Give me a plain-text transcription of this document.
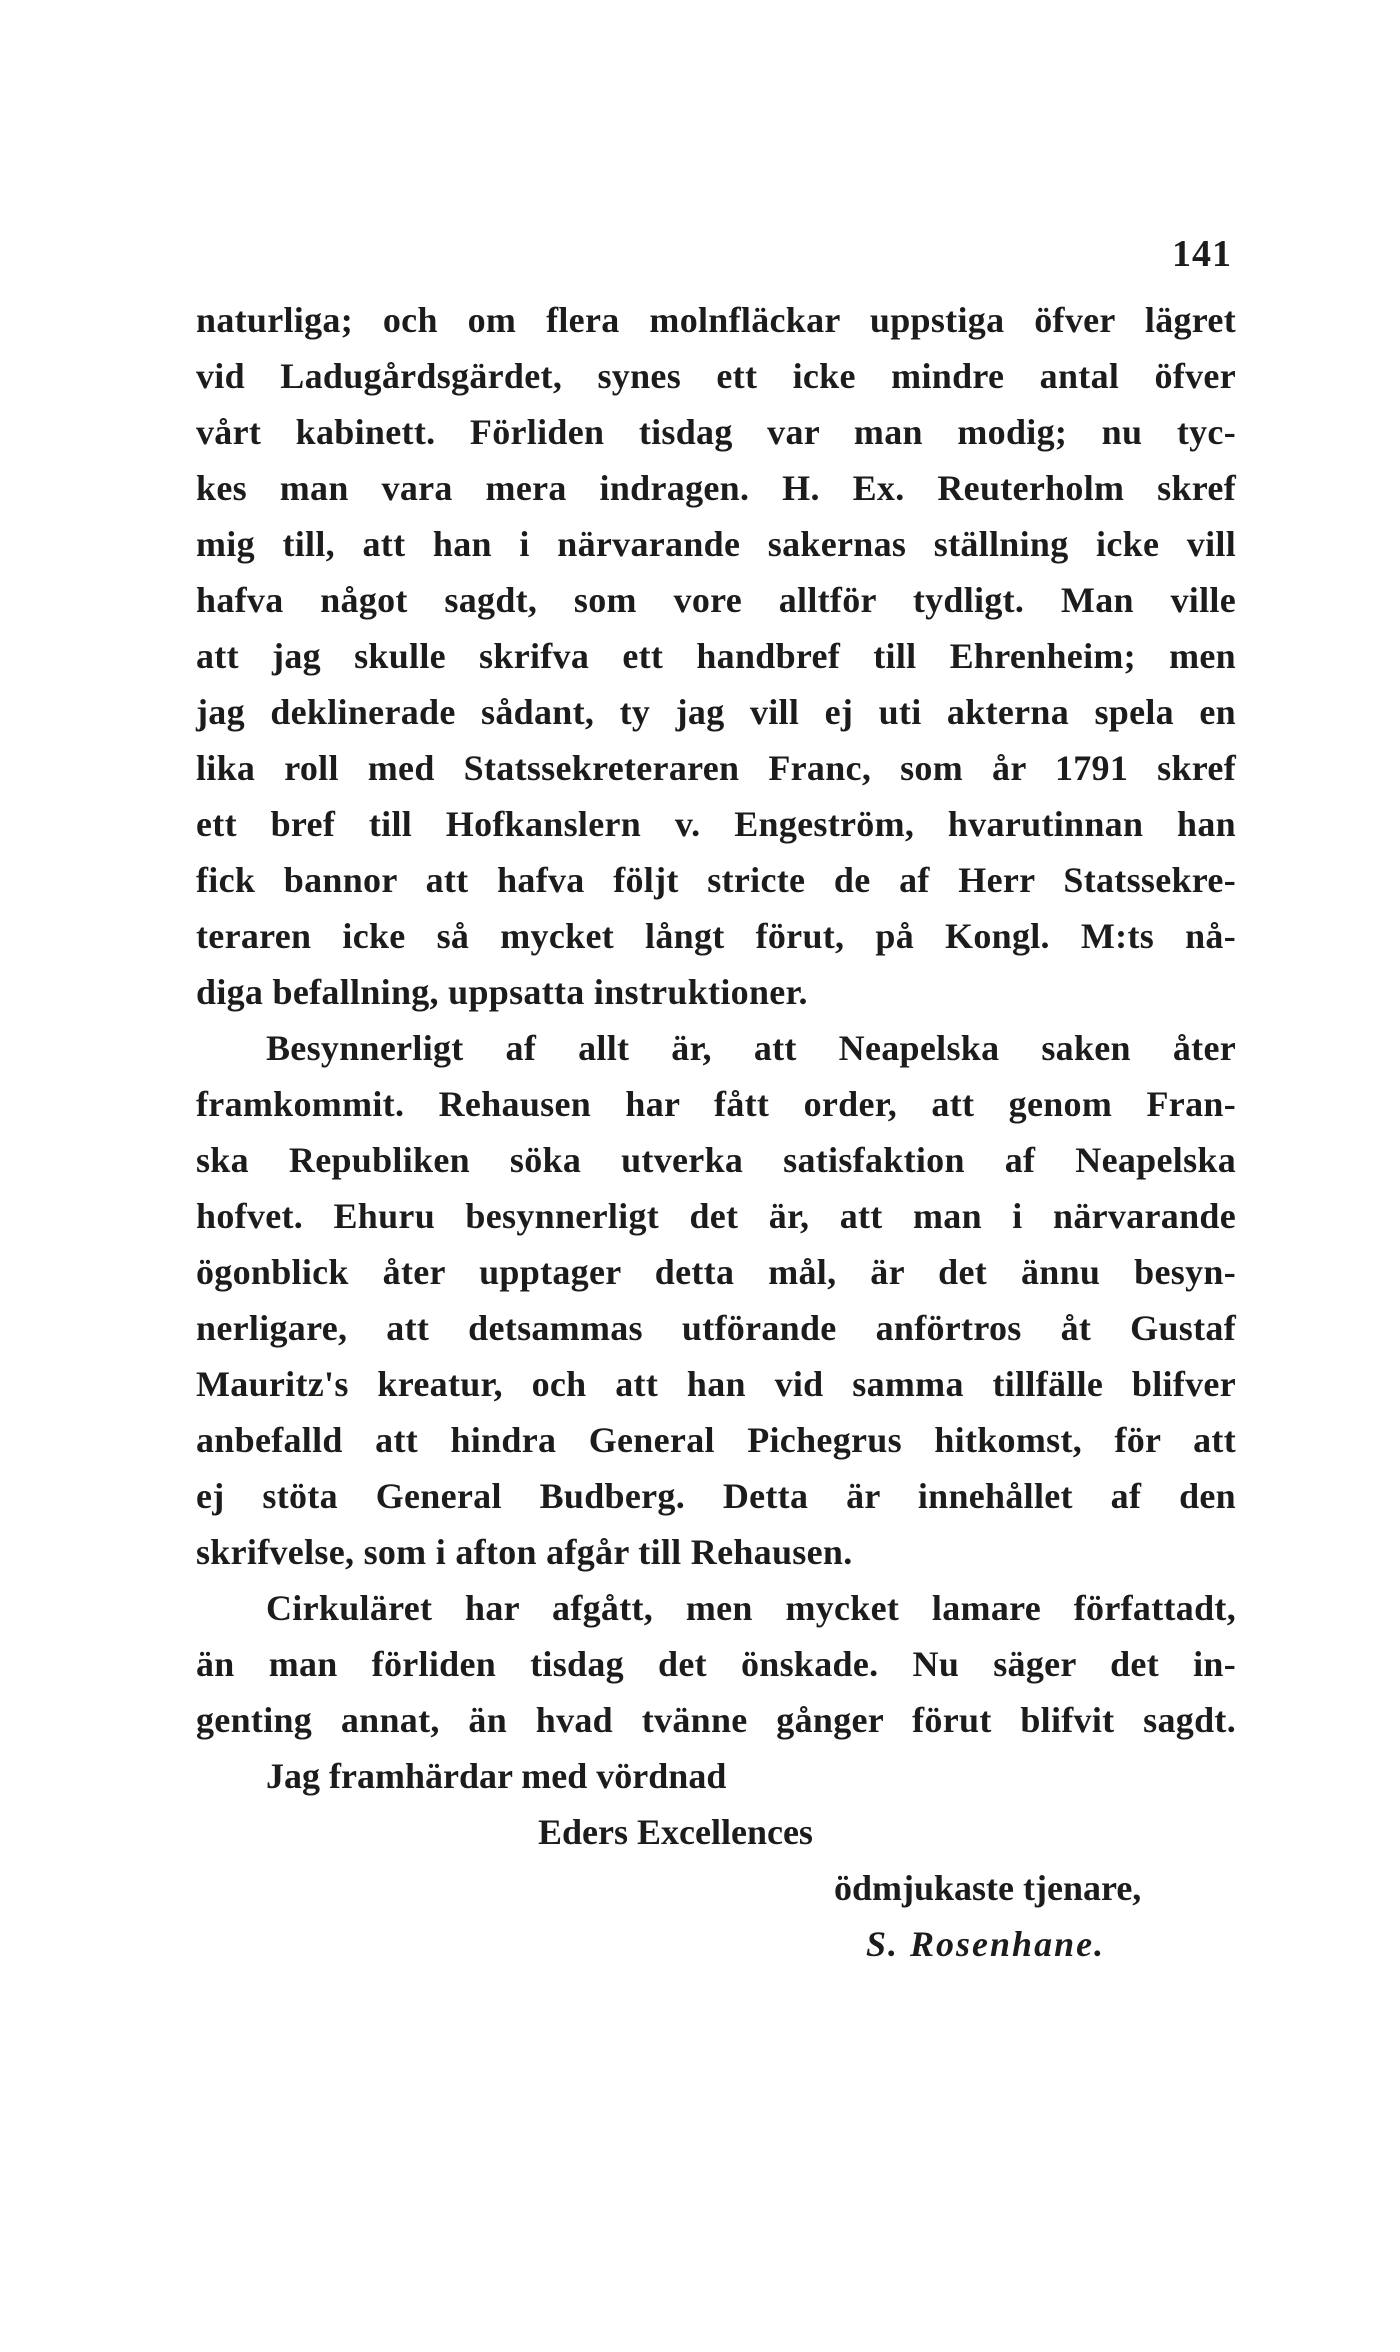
141
naturliga; och om flera molnfläckar uppstiga öfver lägret
vid Ladugårdsgärdet, synes ett icke mindre antal öfver
vårt kabinett. Förliden tisdag var man modig; nu tyc-
kes man vara mera indragen. H. Ex. Reuterholm skref
mig till, att han i närvarande sakernas ställning icke vill
hafva något sagdt, som vore alltför tydligt. Man ville
att jag skulle skrifva ett handbref till Ehrenheim; men
jag deklinerade sådant, ty jag vill ej uti akterna spela en
lika roll med Statssekreteraren Franc, som år 1791 skref
ett bref till Hofkanslern v. Engeström, hvarutinnan han
fick bannor att hafva följt stricte de af Herr Statssekre-
teraren icke så mycket långt förut, på Kongl. M:ts nå-
diga befallning, uppsatta instruktioner.
Besynnerligt af allt är, att Neapelska saken åter
framkommit. Rehausen har fått order, att genom Fran-
ska Republiken söka utverka satisfaktion af Neapelska
hofvet. Ehuru besynnerligt det är, att man i närvarande
ögonblick åter upptager detta mål, är det ännu besyn-
nerligare, att detsammas utförande anförtros åt Gustaf
Mauritz's kreatur, och att han vid samma tillfälle blifver
anbefalld att hindra General Pichegrus hitkomst, för att
ej stöta General Budberg. Detta är innehållet af den
skrifvelse, som i afton afgår till Rehausen.
Cirkuläret har afgått, men mycket lamare författadt,
än man förliden tisdag det önskade. Nu säger det in-
genting annat, än hvad tvänne gånger förut blifvit sagdt.
Jag framhärdar med vördnad
Eders Excellences
ödmjukaste tjenare,
S. Rosenhane.
